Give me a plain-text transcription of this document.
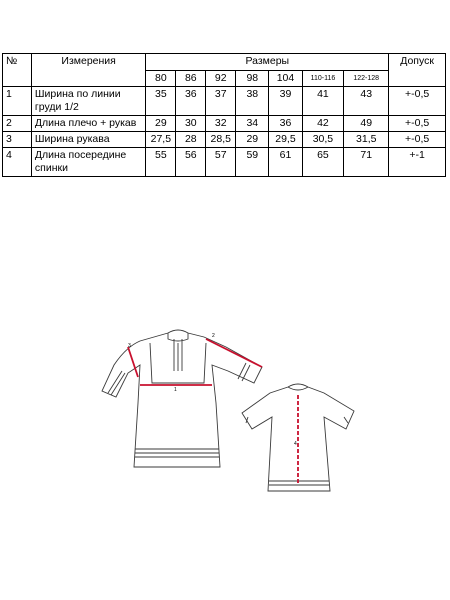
№	Измерения	Размеры							Допуск
		80	86	92	98	104	110-116	122-128	
1	Ширина по линии груди 1/2	35	36	37	38	39	41	43	+-0,5
2	Длина плечо + рукав	29	30	32	34	36	42	49	+-0,5
3	Ширина рукава	27,5	28	28,5	29	29,5	30,5	31,5	+-0,5
4	Длина посередине спинки	55	56	57	59	61	65	71	+-1
1
2
3
4
